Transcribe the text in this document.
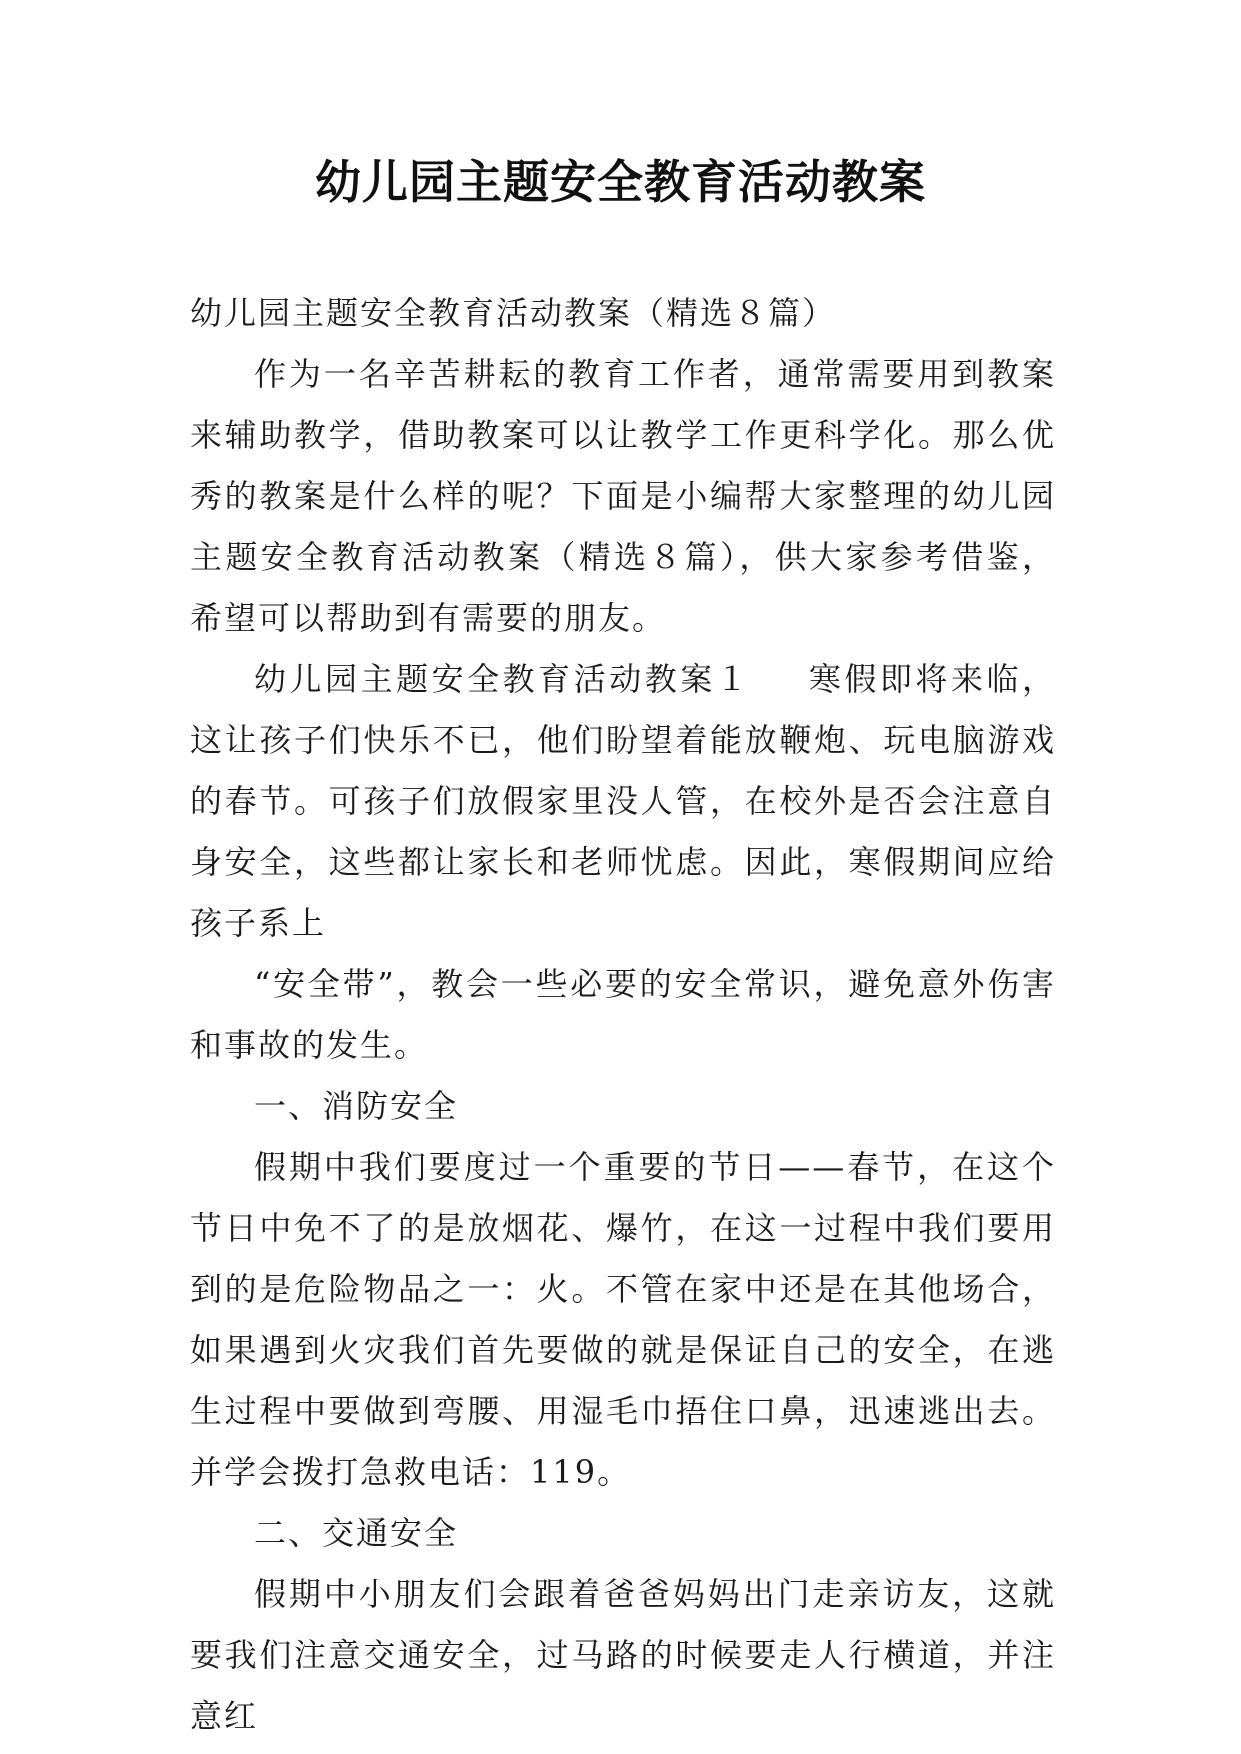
幼儿园主题安全教育活动教案

幼儿园主题安全教育活动教案（精选８篇）

作为一名辛苦耕耘的教育工作者，通常需要用到教案来辅助教学，借助教案可以让教学工作更科学化。那么优秀的教案是什么样的呢？下面是小编帮大家整理的幼儿园主题安全教育活动教案（精选８篇），供大家参考借鉴，希望可以帮助到有需要的朋友。

幼儿园主题安全教育活动教案１ 寒假即将来临，这让孩子们快乐不已，他们盼望着能放鞭炮、玩电脑游戏的春节。可孩子们放假家里没人管，在校外是否会注意自身安全，这些都让家长和老师忧虑。因此，寒假期间应给孩子系上

“安全带”，教会一些必要的安全常识，避免意外伤害和事故的发生。

一、消防安全

假期中我们要度过一个重要的节日——春节，在这个节日中免不了的是放烟花、爆竹，在这一过程中我们要用到的是危险物品之一：火。不管在家中还是在其他场合，如果遇到火灾我们首先要做的就是保证自己的安全，在逃生过程中要做到弯腰、用湿毛巾捂住口鼻，迅速逃出去。并学会拨打急救电话：119。

二、交通安全

假期中小朋友们会跟着爸爸妈妈出门走亲访友，这就要我们注意交通安全，过马路的时候要走人行横道，并注意红
